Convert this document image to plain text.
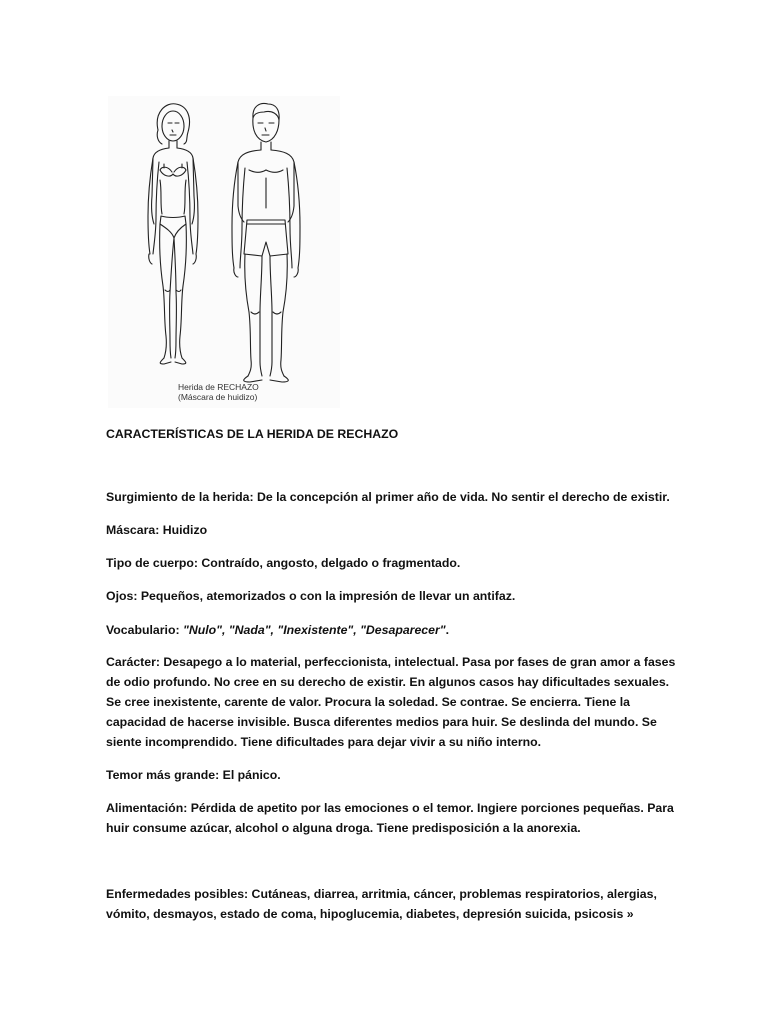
Herida de RECHAZO
(Máscara de huidizo)
CARACTERÍSTICAS DE LA HERIDA DE RECHAZO
Surgimiento de la herida: De la concepción al primer año de vida. No sentir el derecho de existir.
Máscara: Huidizo
Tipo de cuerpo: Contraído, angosto, delgado o fragmentado.
Ojos: Pequeños, atemorizados o con la impresión de llevar un antifaz.
Vocabulario: "Nulo", "Nada", "Inexistente", "Desaparecer".
Carácter: Desapego a lo material, perfeccionista, intelectual. Pasa por fases de gran amor a fases de odio profundo. No cree en su derecho de existir. En algunos casos hay dificultades sexuales. Se cree inexistente, carente de valor. Procura la soledad. Se contrae. Se encierra. Tiene la capacidad de hacerse invisible. Busca diferentes medios para huir. Se deslinda del mundo. Se siente incomprendido. Tiene dificultades para dejar vivir a su niño interno.
Temor más grande: El pánico.
Alimentación: Pérdida de apetito por las emociones o el temor. Ingiere porciones pequeñas. Para huir consume azúcar, alcohol o alguna droga. Tiene predisposición a la anorexia.
Enfermedades posibles: Cutáneas, diarrea, arritmia, cáncer, problemas respiratorios, alergias, vómito, desmayos, estado de coma, hipoglucemia, diabetes, depresión suicida, psicosis »
